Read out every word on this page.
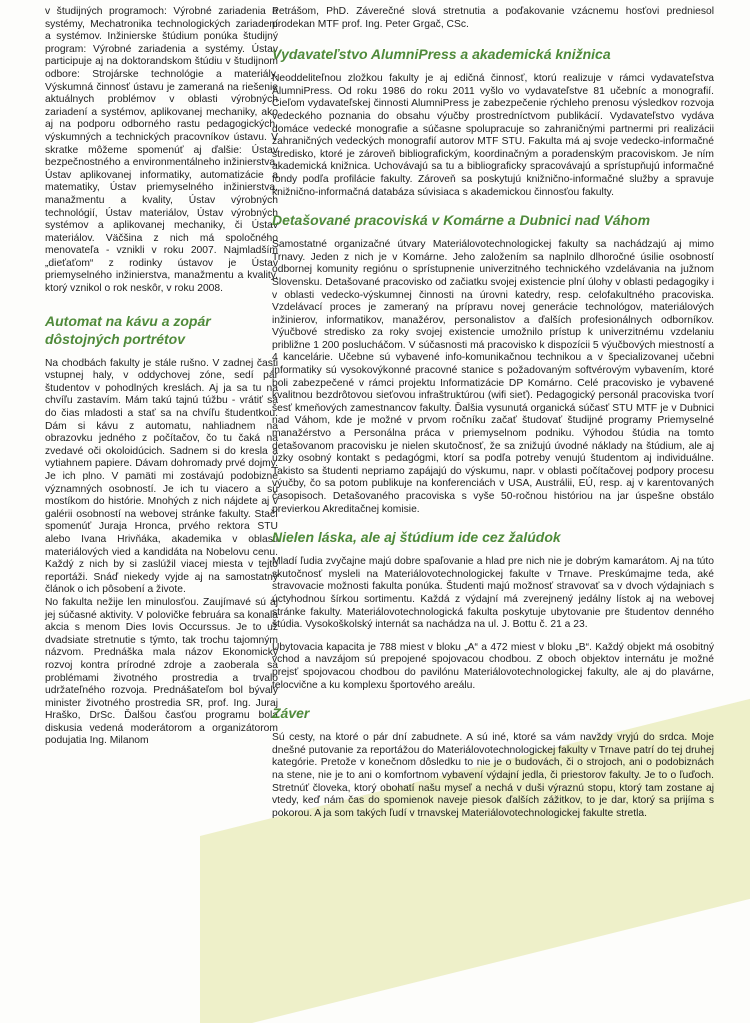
v študijných programoch: Výrobné zariadenia a systémy, Mechatronika technologických zariadení a systémov. Inžinierske štúdium ponúka študijný program: Výrobné zariadenia a systémy. Ústav participuje aj na doktorandskom štúdiu v študijnom odbore: Strojárske technológie a materiály. Výskumná činnosť ústavu je zameraná na riešenie aktuálnych problémov v oblasti výrobných zariadení a systémov, aplikovanej mechaniky, ako aj na podporu odborného rastu pedagogických, výskumných a technických pracovníkov ústavu. V skratke môžeme spomenúť aj ďalšie: Ústav bezpečnostného a environmentálneho inžinierstva, Ústav aplikovanej informatiky, automatizácie a matematiky, Ústav priemyselného inžinierstva, manažmentu a kvality, Ústav výrobných technológií, Ústav materiálov, Ústav výrobných systémov a aplikovanej mechaniky, či Ústav materiálov. Väčšina z nich má spoločného menovateľa - vznikli v roku 2007. Najmladším „dieťaťom“ z rodinky ústavov je Ústav priemyselného inžinierstva, manažmentu a kvality, ktorý vznikol o rok neskôr, v roku 2008.

Automat na kávu a zopár dôstojných portrétov

Na chodbách fakulty je stále rušno. V zadnej časti vstupnej haly, v oddychovej zóne, sedí pár študentov v pohodlných kreslách. Aj ja sa tu na chvíľu zastavím. Mám takú tajnú túžbu - vrátiť sa do čias mladosti a stať sa na chvíľu študentkou. Dám si kávu z automatu, nahliadnem na obrazovku jedného z počítačov, čo tu čaká na zvedavé oči okoloidúcich. Sadnem si do kresla a vytiahnem papiere. Dávam dohromady prvé dojmy. Je ich plno. V pamäti mi zostávajú podobizne významných osobností. Je ich tu viacero a sú mostíkom do histórie. Mnohých z nich nájdete aj v galérii osobností na webovej stránke fakulty. Stačí spomenúť Juraja Hronca, prvého rektora STU alebo Ivana Hrivňáka, akademika v oblasti materiálových vied a kandidáta na Nobelovu cenu. Každý z nich by si zaslúžil viacej miesta v tejto reportáži. Snáď niekedy vyjde aj na samostatný článok o ich pôsobení a živote.

No fakulta nežije len minulosťou. Zaujímavé sú aj jej súčasné aktivity. V polovičke februára sa konala akcia s menom Dies Iovis Occurssus. Je to už dvadsiate stretnutie s týmto, tak trochu tajomným názvom. Prednáška mala názov Ekonomický rozvoj kontra prírodné zdroje a zaoberala sa problémami životného prostredia a trvalo udržateľného rozvoja. Prednášateľom bol bývalý minister životného prostredia SR, prof. Ing. Juraj Hraško, DrSc. Ďalšou časťou programu bola diskusia vedená moderátorom a organizátorom podujatia Ing. Milanom

Petrášom, PhD. Záverečné slová stretnutia a poďakovanie vzácnemu hosťovi predniesol prodekan MTF prof. Ing. Peter Grgač, CSc.

Vydavateľstvo AlumniPress a akademická knižnica

Neoddeliteľnou zložkou fakulty je aj edičná činnosť, ktorú realizuje v rámci vydavateľstva AlumniPress. Od roku 1986 do roku 2011 vyšlo vo vydavateľstve 81 učebníc a monografií. Cieľom vydavateľskej činnosti AlumniPress je zabezpečenie rýchleho prenosu výsledkov rozvoja vedeckého poznania do obsahu výučby prostredníctvom publikácií. Vydavateľstvo vydáva domáce vedecké monografie a súčasne spolupracuje so zahraničnými partnermi pri realizácii zahraničných vedeckých monografií autorov MTF STU. Fakulta má aj svoje vedecko-informačné stredisko, ktoré je zároveň bibliografickým, koordinačným a poradenským pracoviskom. Je ním akademická knižnica. Uchovávajú sa tu a bibliograficky spracovávajú a sprístupňujú informačné fondy podľa profilácie fakulty. Zároveň sa poskytujú knižnično-informačné služby a spravuje knižnično-informačná databáza súvisiaca s akademickou činnosťou fakulty.

Detašované pracoviská v Komárne a Dubnici nad Váhom

Samostatné organizačné útvary Materiálovotechnologickej fakulty sa nachádzajú aj mimo Trnavy. Jeden z nich je v Komárne. Jeho založením sa naplnilo dlhoročné úsilie osobností odbornej komunity regiónu o sprístupnenie univerzitného technického vzdelávania na južnom Slovensku. Detašované pracovisko od začiatku svojej existencie plní úlohy v oblasti pedagogiky i v oblasti vedecko-výskumnej činnosti na úrovni katedry, resp. celofakultného pracoviska. Vzdelávací proces je zameraný na prípravu novej generácie technológov, materiálových inžinierov, informatikov, manažérov, personalistov a ďalších profesionálnych odborníkov. Výučbové stredisko za roky svojej existencie umožnilo prístup k univerzitnému vzdelaniu približne 1 200 poslucháčom. V súčasnosti má pracovisko k dispozícii 5 výučbových miestností a 4 kancelárie. Učebne sú vybavené info-komunikačnou technikou a v špecializovanej učebni informatiky sú vysokovýkonné pracovné stanice s požadovaným softvérovým vybavením, ktoré boli zabezpečené v rámci projektu Informatizácie DP Komárno. Celé pracovisko je vybavené kvalitnou bezdrôtovou sieťovou infraštruktúrou (wifi sieť). Pedagogický personál pracoviska tvorí šesť kmeňových zamestnancov fakulty. Ďalšia vysunutá organická súčasť STU MTF je v Dubnici nad Váhom, kde je možné v prvom ročníku začať študovať študijné programy Priemyselné manažérstvo a Personálna práca v priemyselnom podniku. Výhodou štúdia na tomto detašovanom pracovisku je nielen skutočnosť, že sa znižujú úvodné náklady na štúdium, ale aj úzky osobný kontakt s pedagógmi, ktorí sa podľa potreby venujú študentom aj individuálne. Takisto sa študenti nepriamo zapájajú do výskumu, napr. v oblasti počítačovej podpory procesu výučby, čo sa potom publikuje na konferenciách v USA, Austrálii, EÚ, resp. aj v karentovaných časopisoch. Detašovaného pracoviska s vyše 50-ročnou históriou na jar úspešne obstálo previerkou Akreditačnej komisie.

Nielen láska, ale aj štúdium ide cez žalúdok

Mladí ľudia zvyčajne majú dobre spaľovanie a hlad pre nich nie je dobrým kamarátom. Aj na túto skutočnosť mysleli na Materiálovotechnologickej fakulte v Trnave. Preskúmajme teda, aké stravovacie možnosti fakulta ponúka. Študenti majú možnosť stravovať sa v dvoch výdajniach s úctyhodnou šírkou sortimentu. Každá z výdajní má zverejnený jedálny lístok aj na webovej stránke fakulty. Materiálovotechnologická fakulta poskytuje ubytovanie pre študentov denného štúdia. Vysokoškolský internát sa nachádza na ul. J. Bottu č. 21 a 23.

Ubytovacia kapacita je 788 miest v bloku „A“ a 472 miest v bloku „B“. Každý objekt má osobitný vchod a navzájom sú prepojené spojovacou chodbou. Z oboch objektov internátu je možné prejsť spojovacou chodbou do pavilónu Materiálovotechnologickej fakulty, ale aj do plavárne, telocvične a ku komplexu športového areálu.

Záver

Sú cesty, na ktoré o pár dní zabudnete. A sú iné, ktoré sa vám navždy vryjú do srdca. Moje dnešné putovanie za reportážou do Materiálovotechnologickej fakulty v Trnave patrí do tej druhej kategórie. Pretože v konečnom dôsledku to nie je o budovách, či o strojoch, ani o podobiznách na stene, nie je to ani o komfortnom vybavení výdajní jedla, či priestorov fakulty. Je to o ľuďoch. Stretnúť človeka, ktorý obohatí našu myseľ a nechá v duši výraznú stopu, ktorý tam zostane aj vtedy, keď nám čas do spomienok naveje piesok ďalších zážitkov, to je dar, ktorý sa prijíma s pokorou. A ja som takých ľudí v trnavskej Materiálovotechnologickej fakulte stretla.
